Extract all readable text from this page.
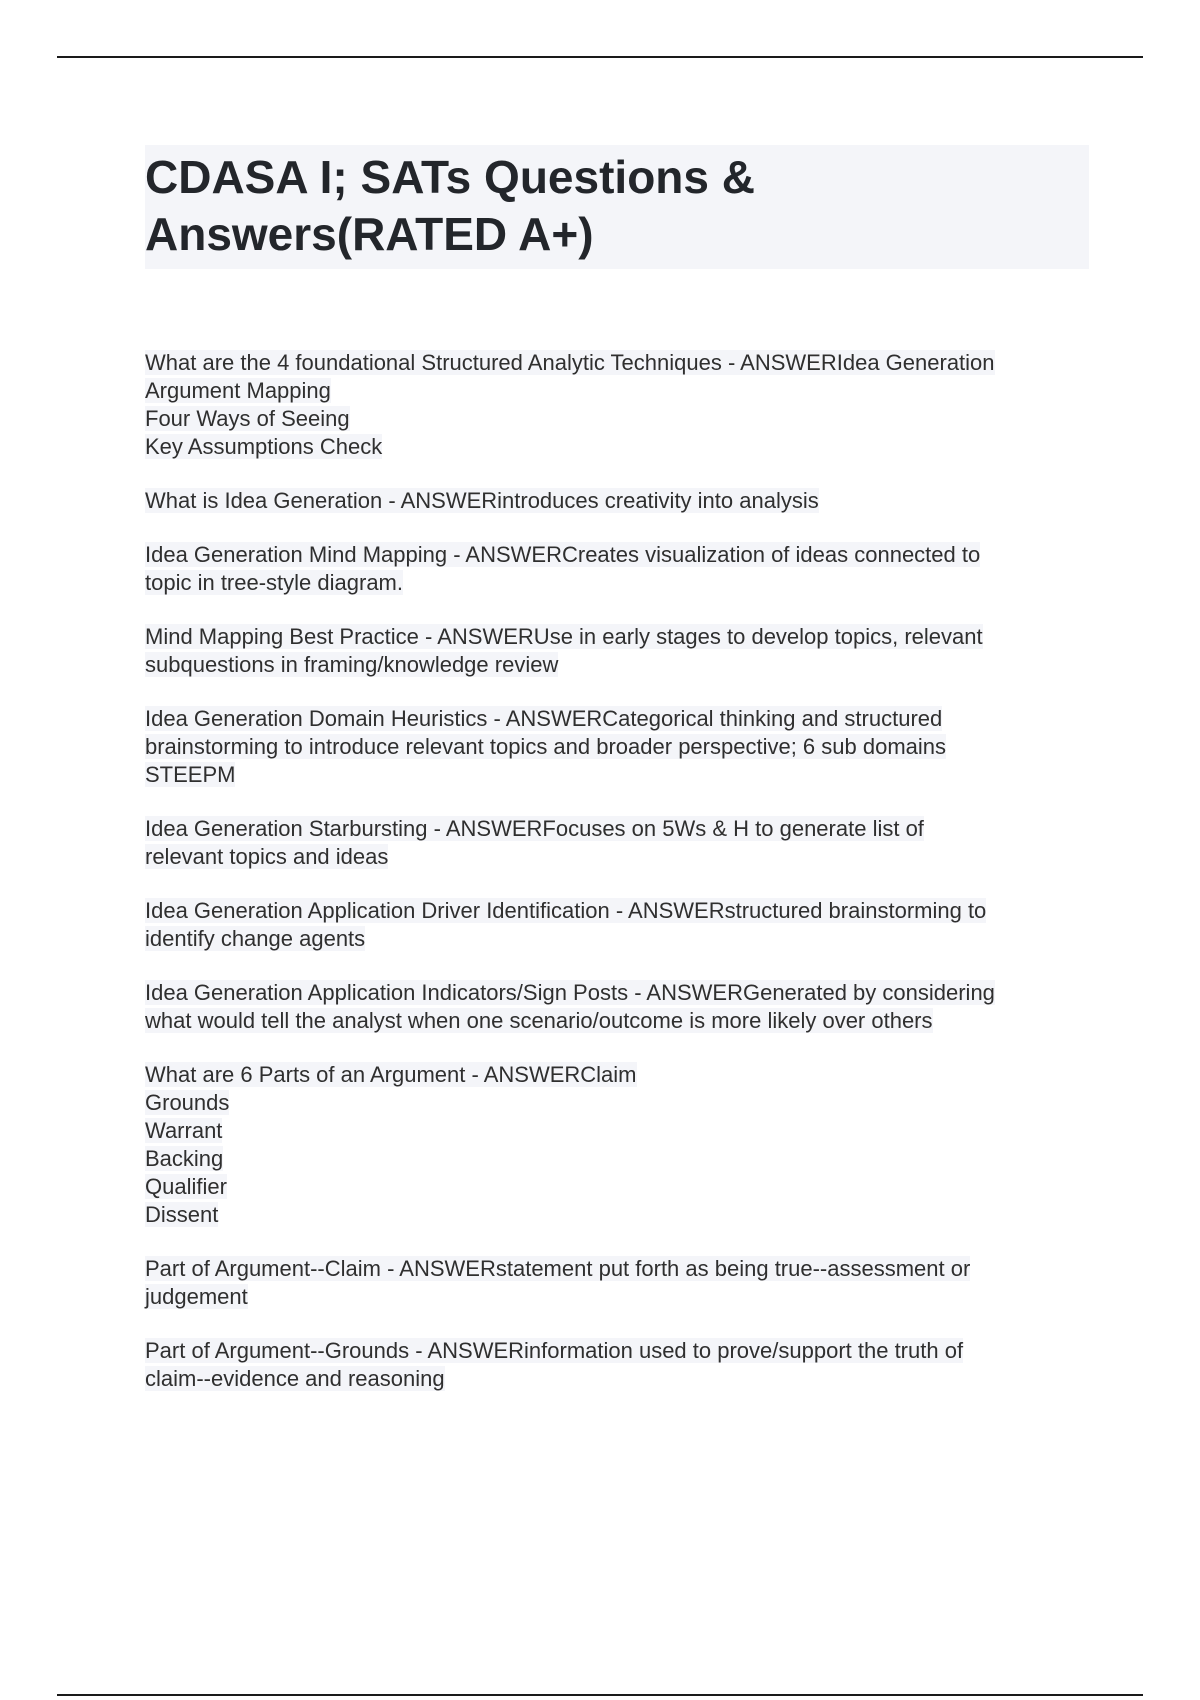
CDASA I; SATs Questions &
Answers(RATED A+)

What are the 4 foundational Structured Analytic Techniques - ANSWERIdea Generation
Argument Mapping
Four Ways of Seeing
Key Assumptions Check

What is Idea Generation - ANSWERintroduces creativity into analysis

Idea Generation Mind Mapping - ANSWERCreates visualization of ideas connected to
topic in tree-style diagram.

Mind Mapping Best Practice - ANSWERUse in early stages to develop topics, relevant
subquestions in framing/knowledge review

Idea Generation Domain Heuristics - ANSWERCategorical thinking and structured
brainstorming to introduce relevant topics and broader perspective; 6 sub domains
STEEPM

Idea Generation Starbursting - ANSWERFocuses on 5Ws & H to generate list of
relevant topics and ideas

Idea Generation Application Driver Identification - ANSWERstructured brainstorming to
identify change agents

Idea Generation Application Indicators/Sign Posts - ANSWERGenerated by considering
what would tell the analyst when one scenario/outcome is more likely over others

What are 6 Parts of an Argument - ANSWERClaim
Grounds
Warrant
Backing
Qualifier
Dissent

Part of Argument--Claim - ANSWERstatement put forth as being true--assessment or
judgement

Part of Argument--Grounds - ANSWERinformation used to prove/support the truth of
claim--evidence and reasoning
